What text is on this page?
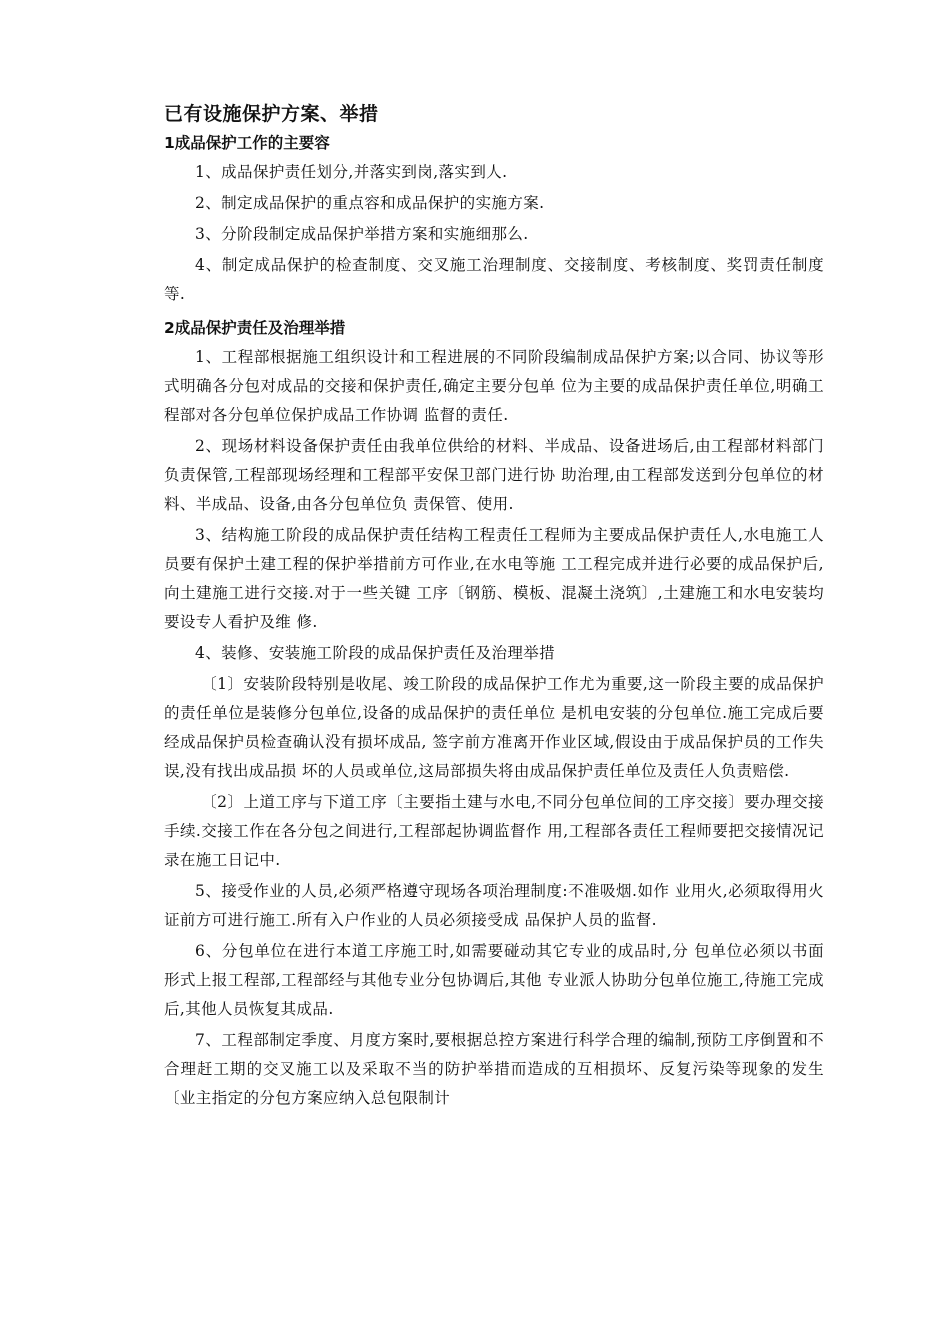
已有设施保护方案、举措
1成品保护工作的主要容

1、成品保护责任划分,并落实到岗,落实到人.

2、制定成品保护的重点容和成品保护的实施方案.

3、分阶段制定成品保护举措方案和实施细那么.

4、制定成品保护的检查制度、交叉施工治理制度、交接制度、考核制度、奖罚责任制度等.

2成品保护责任及治理举措

1、工程部根据施工组织设计和工程进展的不同阶段编制成品保护方案;以合同、协议等形式明确各分包对成品的交接和保护责任,确定主要分包单 位为主要的成品保护责任单位,明确工程部对各分包单位保护成品工作协调 监督的责任.

2、现场材料设备保护责任由我单位供给的材料、半成品、设备进场后,由工程部材料部门负责保管,工程部现场经理和工程部平安保卫部门进行协 助治理,由工程部发送到分包单位的材料、半成品、设备,由各分包单位负 责保管、使用.

3、结构施工阶段的成品保护责任结构工程责任工程师为主要成品保护责任人,水电施工人员要有保护土建工程的保护举措前方可作业,在水电等施 工工程完成并进行必要的成品保护后,向土建施工进行交接.对于一些关键 工序〔钢筋、模板、混凝土浇筑〕,土建施工和水电安装均要设专人看护及维 修.

4、装修、安装施工阶段的成品保护责任及治理举措

〔1〕安装阶段特别是收尾、竣工阶段的成品保护工作尤为重要,这一阶段主要的成品保护的责任单位是装修分包单位,设备的成品保护的责任单位 是机电安装的分包单位.施工完成后要经成品保护员检查确认没有损坏成品, 签字前方准离开作业区域,假设由于成品保护员的工作失误,没有找出成品损 坏的人员或单位,这局部损失将由成品保护责任单位及责任人负责赔偿.

〔2〕上道工序与下道工序〔主要指土建与水电,不同分包单位间的工序交接〕要办理交接手续.交接工作在各分包之间进行,工程部起协调监督作 用,工程部各责任工程师要把交接情况记录在施工日记中.

5、接受作业的人员,必须严格遵守现场各项治理制度:不准吸烟.如作 业用火,必须取得用火证前方可进行施工.所有入户作业的人员必须接受成 品保护人员的监督.

6、分包单位在进行本道工序施工时,如需要碰动其它专业的成品时,分 包单位必须以书面形式上报工程部,工程部经与其他专业分包协调后,其他 专业派人协助分包单位施工,待施工完成后,其他人员恢复其成品.

7、工程部制定季度、月度方案时,要根据总控方案进行科学合理的编制,预防工序倒置和不合理赶工期的交叉施工以及采取不当的防护举措而造成的互相损坏、反复污染等现象的发生〔业主指定的分包方案应纳入总包限制计
